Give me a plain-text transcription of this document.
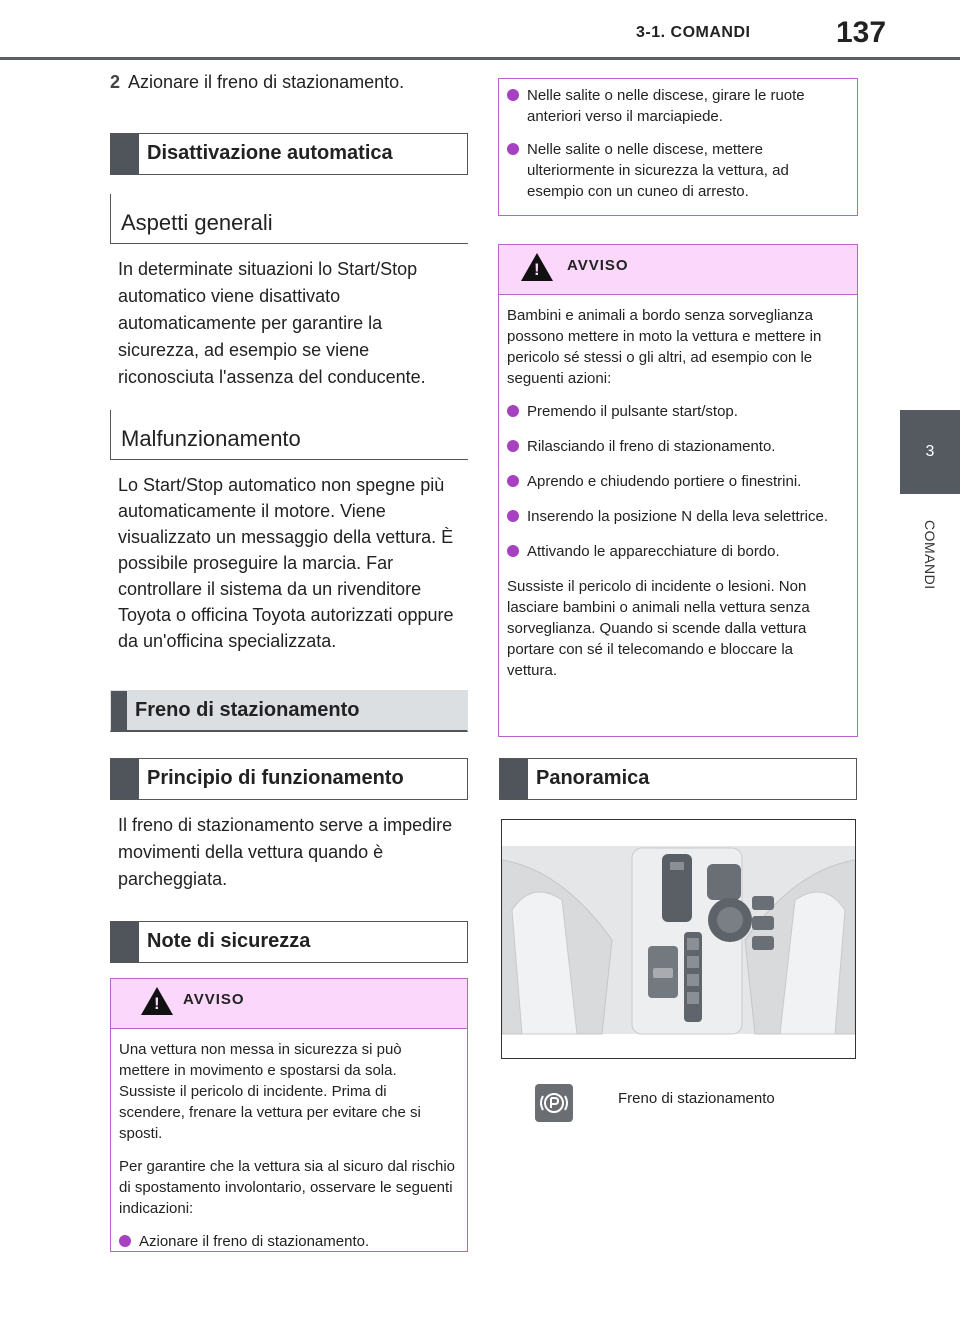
3-1. COMANDI	137
3
COMANDI
2 Azionare il freno di stazionamento.
Disattivazione automatica
Aspetti generali
In determinate situazioni lo Start/Stop automatico viene disattivato automaticamente per garantire la sicurezza, ad esempio se viene riconosciuta l'assenza del conducente.
Malfunzionamento
Lo Start/Stop automatico non spegne più automaticamente il motore. Viene visualizzato un messaggio della vettura. È possibile proseguire la marcia. Far controllare il sistema da un rivenditore Toyota o officina Toyota autorizzati oppure da un'officina specializzata.
Freno di stazionamento
Principio di funzionamento
Il freno di stazionamento serve a impedire movimenti della vettura quando è parcheggiata.
Note di sicurezza
!
AVVISO

Una vettura non messa in sicurezza si può mettere in movimento e spostarsi da sola. Sussiste il pericolo di incidente. Prima di scendere, frenare la vettura per evitare che si sposti.

Per garantire che la vettura sia al sicuro dal rischio di spostamento involontario, osservare le seguenti indicazioni:

Azionare il freno di stazionamento.
Nelle salite o nelle discese, girare le ruote anteriori verso il marciapiede.
Nelle salite o nelle discese, mettere ulteriormente in sicurezza la vettura, ad esempio con un cuneo di arresto.
!
AVVISO

Bambini e animali a bordo senza sorveglianza possono mettere in moto la vettura e mettere in pericolo sé stessi o gli altri, ad esempio con le seguenti azioni:

Premendo il pulsante start/stop.
Rilasciando il freno di stazionamento.
Aprendo e chiudendo portiere o finestrini.
Inserendo la posizione N della leva selettrice.
Attivando le apparecchiature di bordo.

Sussiste il pericolo di incidente o lesioni. Non lasciare bambini o animali nella vettura senza sorveglianza. Quando si scende dalla vettura portare con sé il telecomando e bloccare la vettura.

Panoramica
Freno di stazionamento
